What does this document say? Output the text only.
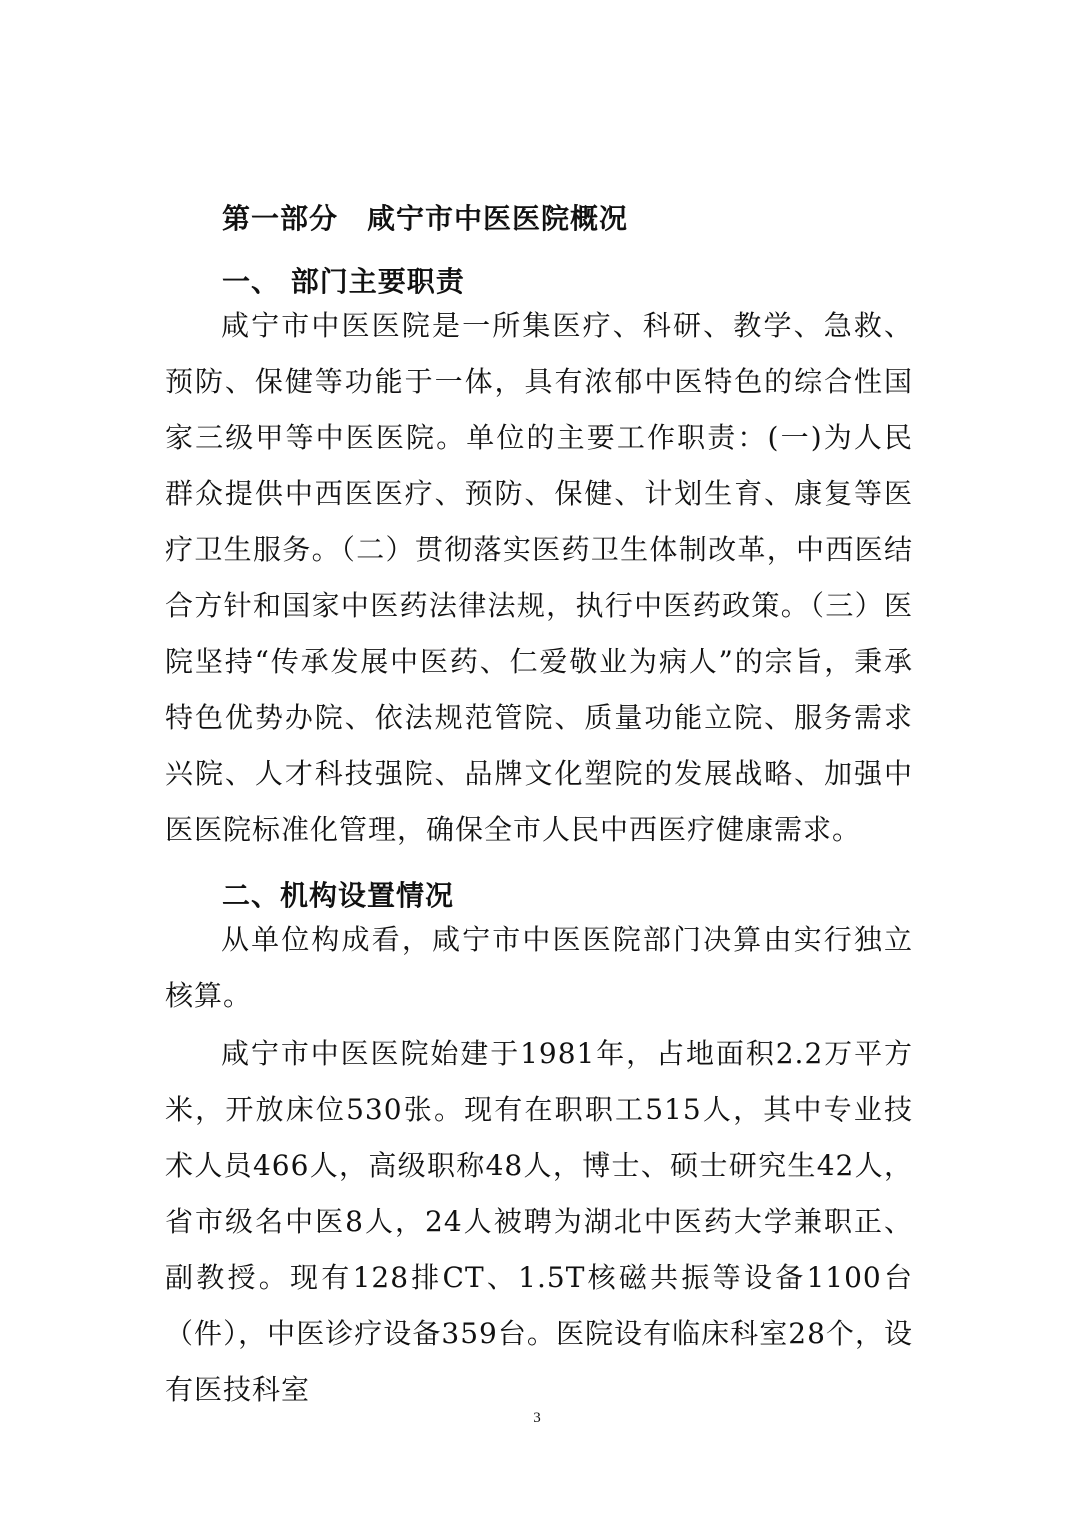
第一部分　咸宁市中医医院概况
一、 部门主要职责

咸宁市中医医院是一所集医疗、科研、教学、急救、预防、保健等功能于一体，具有浓郁中医特色的综合性国家三级甲等中医医院。单位的主要工作职责：(一)为人民群众提供中西医医疗、预防、保健、计划生育、康复等医疗卫生服务。（二）贯彻落实医药卫生体制改革，中西医结合方针和国家中医药法律法规，执行中医药政策。（三）医院坚持“传承发展中医药、仁爱敬业为病人”的宗旨，秉承特色优势办院、依法规范管院、质量功能立院、服务需求兴院、人才科技强院、品牌文化塑院的发展战略、加强中医医院标准化管理，确保全市人民中西医疗健康需求。

二、机构设置情况

从单位构成看，咸宁市中医医院部门决算由实行独立核算。

咸宁市中医医院始建于1981年，占地面积2.2万平方米，开放床位530张。现有在职职工515人，其中专业技术人员466人，高级职称48人，博士、硕士研究生42人，省市级名中医8人，24人被聘为湖北中医药大学兼职正、副教授。现有128排CT、1.5T核磁共振等设备1100台（件），中医诊疗设备359台。医院设有临床科室28个，设有医技科室

3
